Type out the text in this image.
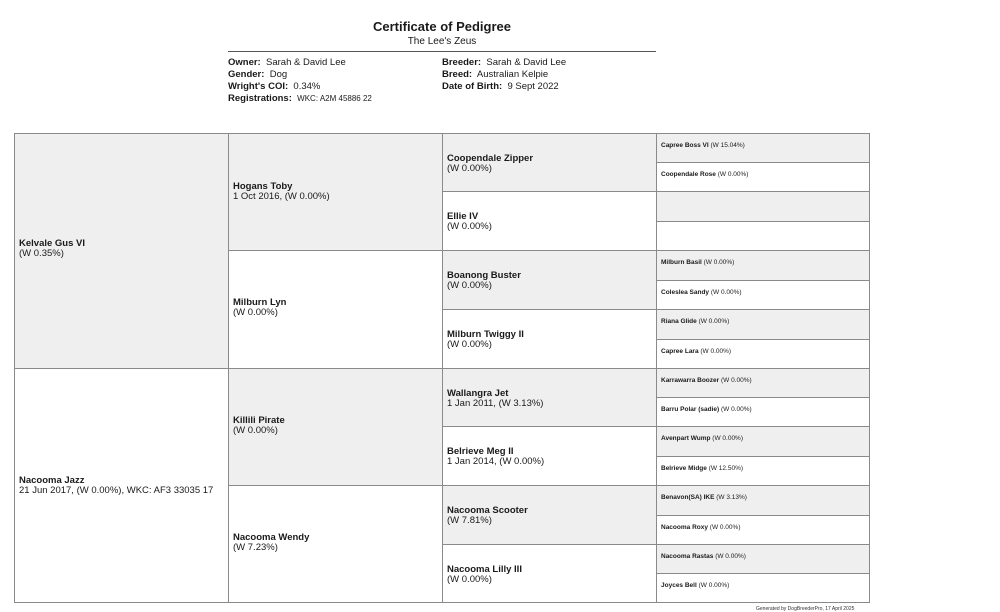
Certificate of Pedigree
The Lee's Zeus
Owner: Sarah & David Lee
Gender: Dog
Wright's COI: 0.34%
Registrations: WKC: A2M 45886 22
Breeder: Sarah & David Lee
Breed: Australian Kelpie
Date of Birth: 9 Sept 2022
Kelvale Gus VI
(W 0.35%)
Nacooma Jazz
21 Jun 2017, (W 0.00%), WKC: AF3 33035 17
Hogans Toby
1 Oct 2016, (W 0.00%)
Milburn Lyn
(W 0.00%)
Killili Pirate
(W 0.00%)
Nacooma Wendy
(W 7.23%)
Coopendale Zipper
(W 0.00%)
Ellie IV
(W 0.00%)
Boanong Buster
(W 0.00%)
Milburn Twiggy II
(W 0.00%)
Wallangra Jet
1 Jan 2011, (W 3.13%)
Belrieve Meg II
1 Jan 2014, (W 0.00%)
Nacooma Scooter
(W 7.81%)
Nacooma Lilly III
(W 0.00%)
Capree Boss VI (W 15.04%)
Coopendale Rose (W 0.00%)
Milburn Basil (W 0.00%)
Colesleа Sandy (W 0.00%)
Riana Glide (W 0.00%)
Capree Lara (W 0.00%)
Karrawarra Boozer (W 0.00%)
Barru Polar (sadie) (W 0.00%)
Avenpart Wump (W 0.00%)
Belrieve Midge (W 12.50%)
Benavon(SA) IKE (W 3.13%)
Nacooma Roxy (W 0.00%)
Nacooma Rastas (W 0.00%)
Joyces Bell (W 0.00%)
Generated by DogBreederPro, 17 April 2025
